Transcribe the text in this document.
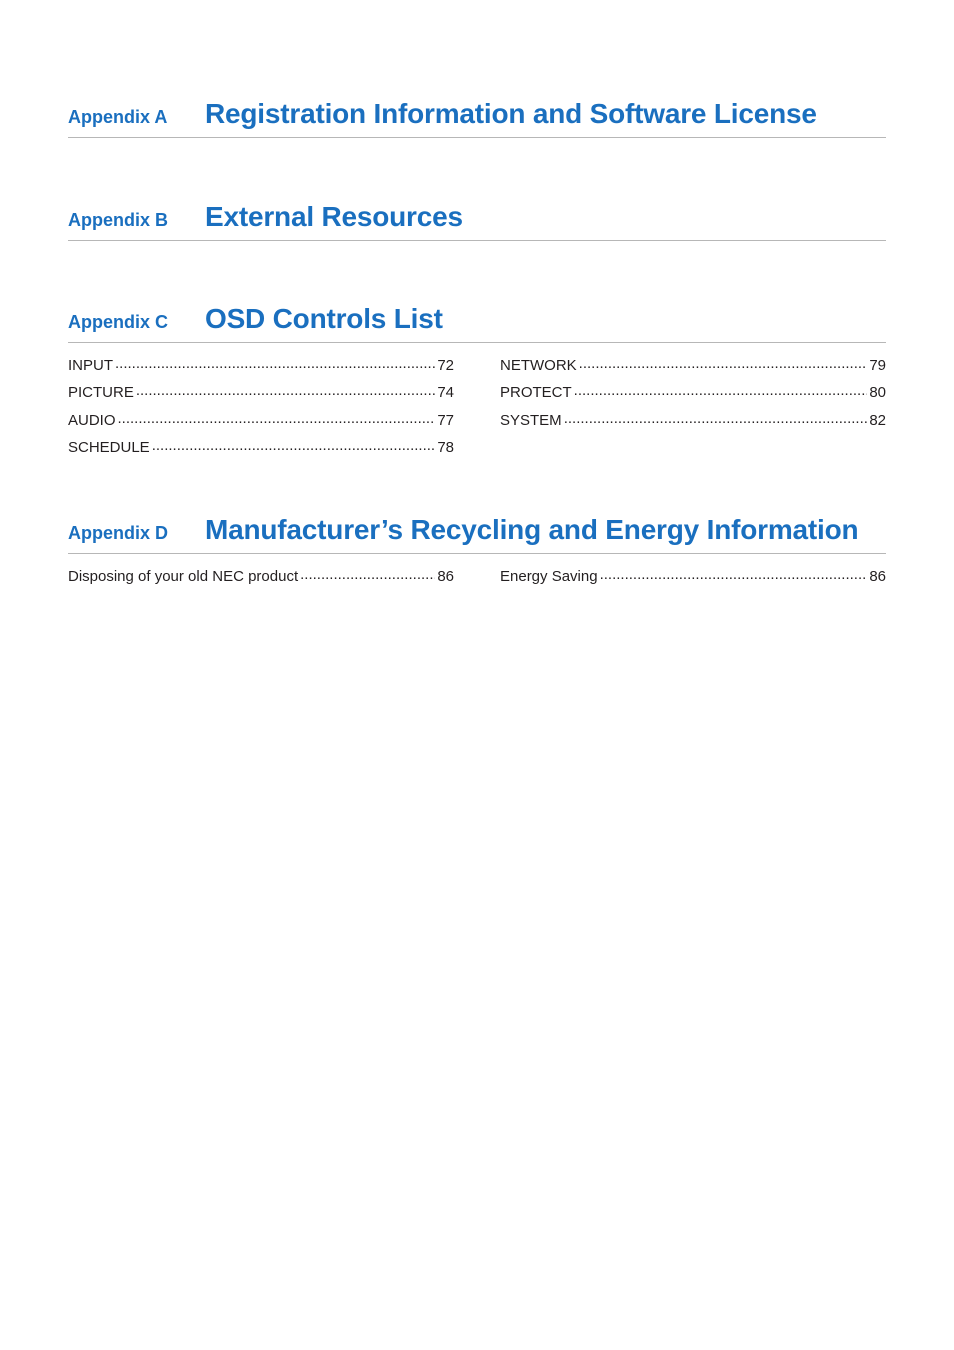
Appendix A Registration Information and Software License
Appendix B External Resources
Appendix C OSD Controls List
INPUT .....	72
PICTURE .....	74
AUDIO .....	77
SCHEDULE .....	78
NETWORK .....	79
PROTECT .....	80
SYSTEM .....	82
Appendix D Manufacturer’s Recycling and Energy Information
Disposing of your old NEC product .....	86	Energy Saving .....	86
